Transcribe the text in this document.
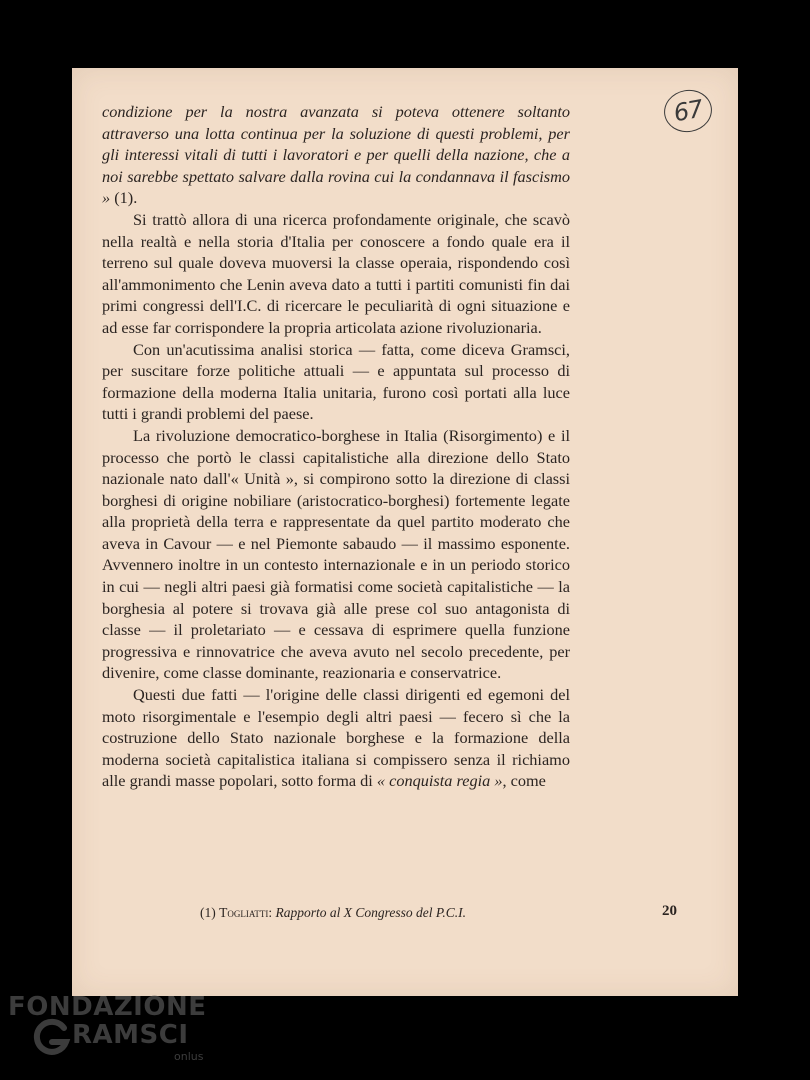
67
(1) Togliatti: Rapporto al X Congresso del P.C.I.	20

condizione per la nostra avanzata si poteva ottenere soltanto attraverso una lotta continua per la soluzione di questi problemi, per gli interessi vitali di tutti i lavoratori e per quelli della nazione, che a noi sarebbe spettato salvare dalla rovina cui la condannava il fascismo » (1).

Si trattò allora di una ricerca profondamente originale, che scavò nella realtà e nella storia d'Italia per conoscere a fondo quale era il terreno sul quale doveva muoversi la classe operaia, rispondendo così all'ammonimento che Lenin aveva dato a tutti i partiti comunisti fin dai primi congressi dell'I.C. di ricercare le peculiarità di ogni situazione e ad esse far corrispondere la propria articolata azione rivoluzionaria.

Con un'acutissima analisi storica — fatta, come diceva Gramsci, per suscitare forze politiche attuali — e appuntata sul processo di formazione della moderna Italia unitaria, furono così portati alla luce tutti i grandi problemi del paese.

La rivoluzione democratico-borghese in Italia (Risorgimento) e il processo che portò le classi capitalistiche alla direzione dello Stato nazionale nato dall'« Unità », si compirono sotto la direzione di classi borghesi di origine nobiliare (aristocratico-borghesi) fortemente legate alla proprietà della terra e rappresentate da quel partito moderato che aveva in Cavour — e nel Piemonte sabaudo — il massimo esponente. Avvennero inoltre in un contesto internazionale e in un periodo storico in cui — negli altri paesi già formatisi come società capitalistiche — la borghesia al potere si trovava già alle prese col suo antagonista di classe — il proletariato — e cessava di esprimere quella funzione progressiva e rinnovatrice che aveva avuto nel secolo precedente, per divenire, come classe dominante, reazionaria e conservatrice.

Questi due fatti — l'origine delle classi dirigenti ed egemoni del moto risorgimentale e l'esempio degli altri paesi — fecero sì che la costruzione dello Stato nazionale borghese e la formazione della moderna società capitalistica italiana si compissero senza il richiamo alle grandi masse popolari, sotto forma di « conquista regia », come

FONDAZIONE
RAMSCI
onlus
